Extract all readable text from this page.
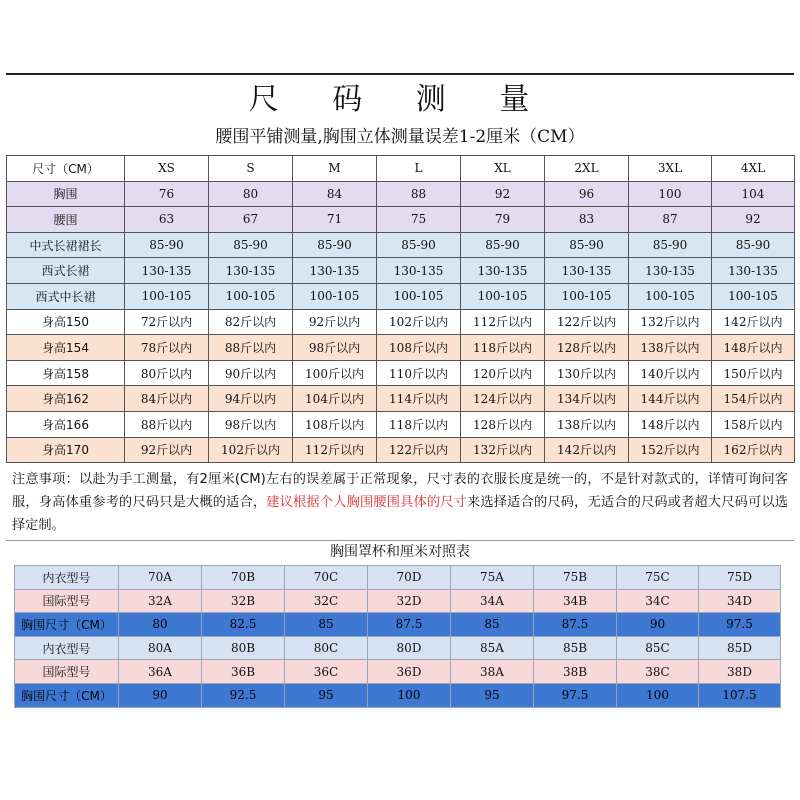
尺 码 测 量
腰围平铺测量,胸围立体测量误差1-2厘米（CM）
尺寸（CM）	XS	S	M	L	XL	2XL	3XL	4XL
胸围	76	80	84	88	92	96	100	104
腰围	63	67	71	75	79	83	87	92
中式长裙裙长	85-90	85-90	85-90	85-90	85-90	85-90	85-90	85-90
西式长裙	130-135	130-135	130-135	130-135	130-135	130-135	130-135	130-135
西式中长裙	100-105	100-105	100-105	100-105	100-105	100-105	100-105	100-105
身高150	72斤以内	82斤以内	92斤以内	102斤以内	112斤以内	122斤以内	132斤以内	142斤以内
身高154	78斤以内	88斤以内	98斤以内	108斤以内	118斤以内	128斤以内	138斤以内	148斤以内
身高158	80斤以内	90斤以内	100斤以内	110斤以内	120斤以内	130斤以内	140斤以内	150斤以内
身高162	84斤以内	94斤以内	104斤以内	114斤以内	124斤以内	134斤以内	144斤以内	154斤以内
身高166	88斤以内	98斤以内	108斤以内	118斤以内	128斤以内	138斤以内	148斤以内	158斤以内
身高170	92斤以内	102斤以内	112斤以内	122斤以内	132斤以内	142斤以内	152斤以内	162斤以内
注意事项：以赴为手工测量，有2厘米(CM)左右的误差属于正常现象，尺寸表的衣服长度是统一的，不是针对款式的，详情可询问客服，身高体重参考的尺码只是大概的适合，建议根据个人胸围腰围具体的尺寸来选择适合的尺码，无适合的尺码或者超大尺码可以选择定制。
胸围罩杯和厘米对照表
内衣型号	70A	70B	70C	70D	75A	75B	75C	75D
国际型号	32A	32B	32C	32D	34A	34B	34C	34D
胸围尺寸（CM）	80	82.5	85	87.5	85	87.5	90	97.5
内衣型号	80A	80B	80C	80D	85A	85B	85C	85D
国际型号	36A	36B	36C	36D	38A	38B	38C	38D
胸围尺寸（CM）	90	92.5	95	100	95	97.5	100	107.5
